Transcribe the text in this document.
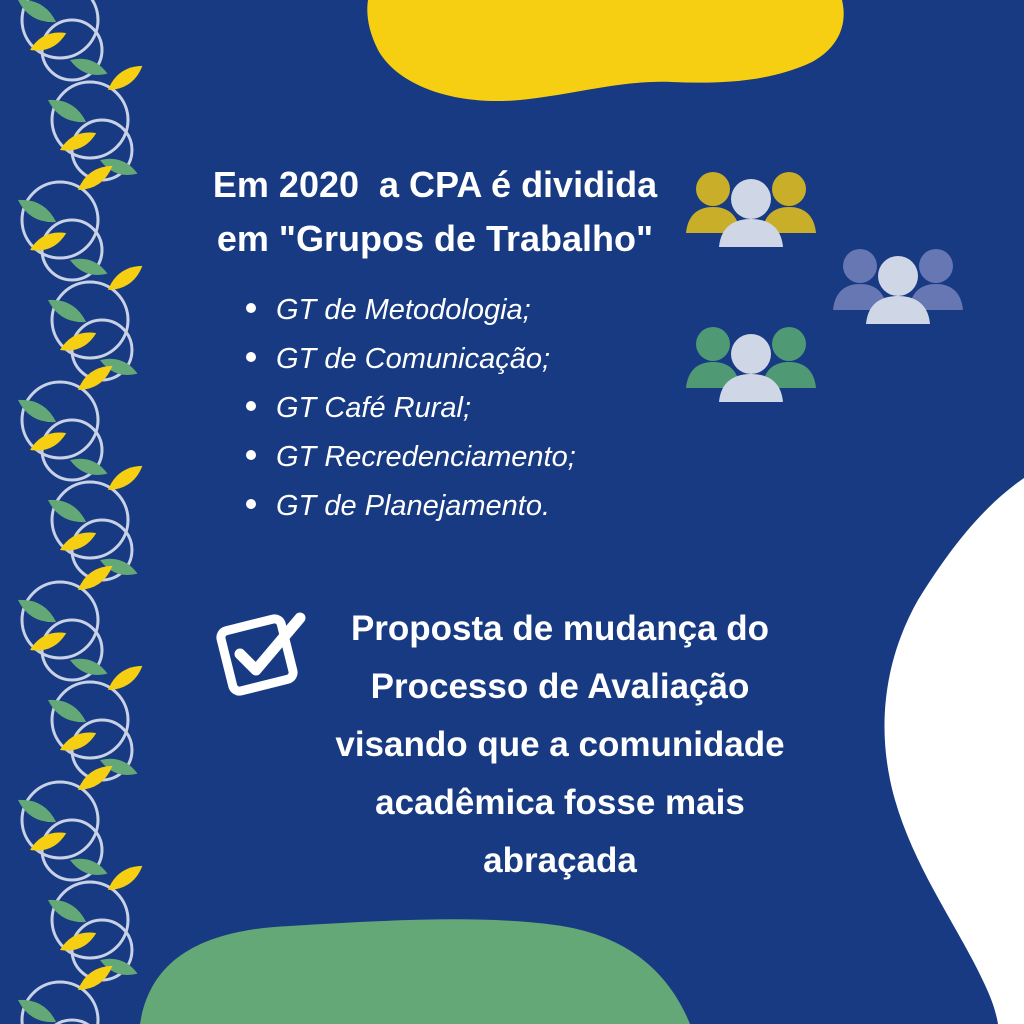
Em 2020  a CPA é dividida
em "Grupos de Trabalho"
GT de Metodologia;
GT de Comunicação;
GT Café Rural;
GT Recredenciamento;
GT de Planejamento.

Proposta de mudança do
Processo de Avaliação
visando que a comunidade
acadêmica fosse mais
abraçada
